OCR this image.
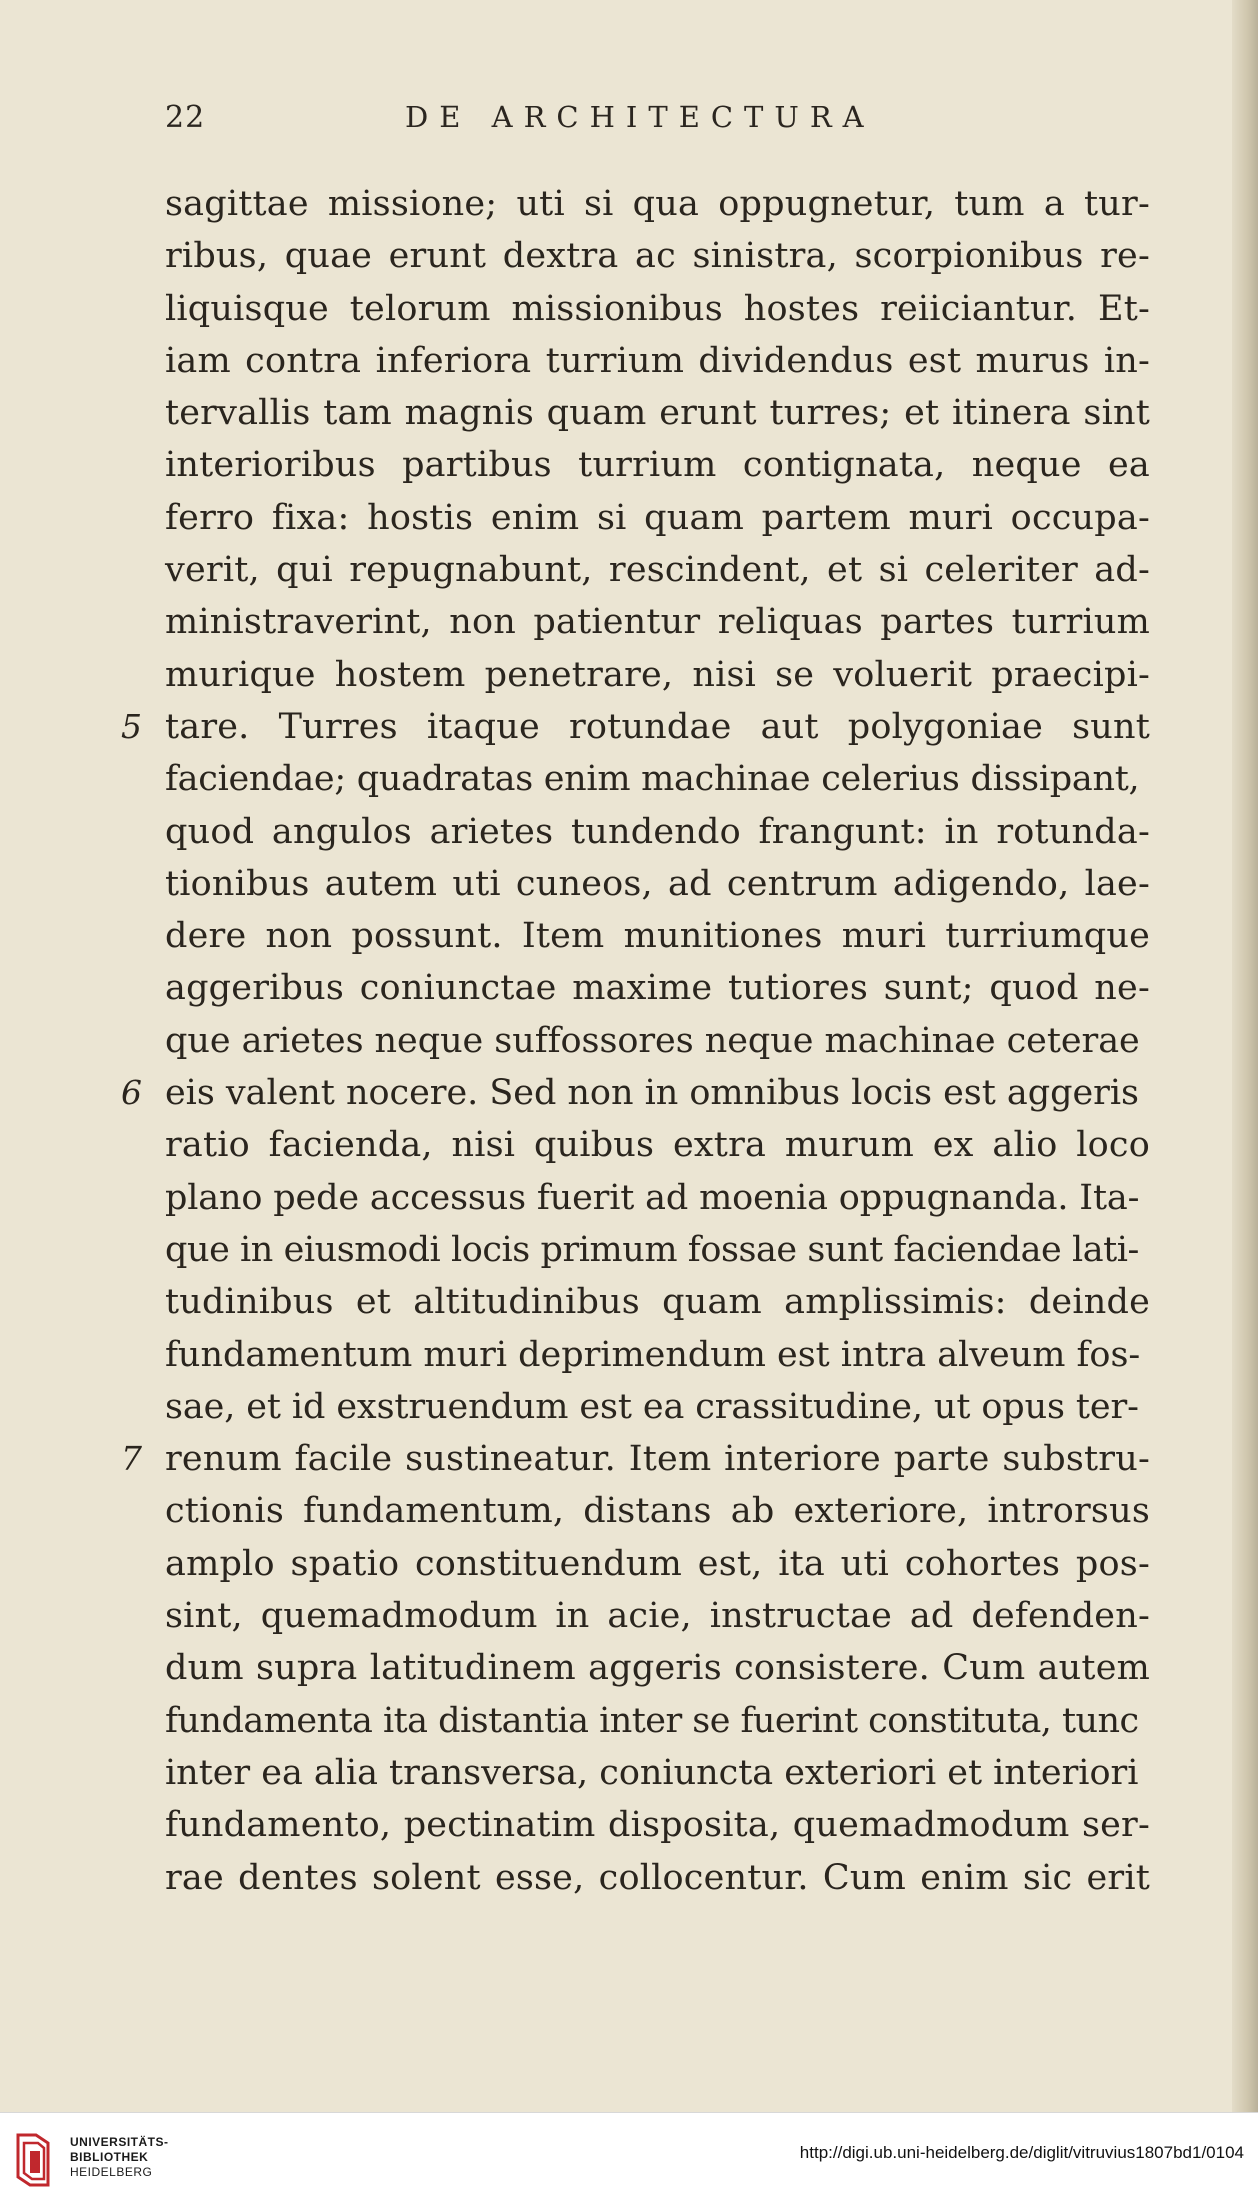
22	DE ARCHITECTURA
sagittae missione; uti si qua oppugnetur, tum a tur-
ribus, quae erunt dextra ac sinistra, scorpionibus re-
liquisque telorum missionibus hostes reiiciantur. Et-
iam contra inferiora turrium dividendus est murus in-
tervallis tam magnis quam erunt turres; et itinera sint
interioribus partibus turrium contignata, neque ea
ferro fixa: hostis enim si quam partem muri occupa-
verit, qui repugnabunt, rescindent, et si celeriter ad-
ministraverint, non patientur reliquas partes turrium
murique hostem penetrare, nisi se voluerit praecipi-
5 tare. Turres itaque rotundae aut polygoniae sunt
faciendae; quadratas enim machinae celerius dissipant,
quod angulos arietes tundendo frangunt: in rotunda-
tionibus autem uti cuneos, ad centrum adigendo, lae-
dere non possunt. Item munitiones muri turriumque
aggeribus coniunctae maxime tutiores sunt; quod ne-
que arietes neque suffossores neque machinae ceterae
6 eis valent nocere. Sed non in omnibus locis est aggeris
ratio facienda, nisi quibus extra murum ex alio loco
plano pede accessus fuerit ad moenia oppugnanda. Ita-
que in eiusmodi locis primum fossae sunt faciendae lati-
tudinibus et altitudinibus quam amplissimis: deinde
fundamentum muri deprimendum est intra alveum fos-
sae, et id exstruendum est ea crassitudine, ut opus ter-
7 renum facile sustineatur. Item interiore parte substru-
ctionis fundamentum, distans ab exteriore, introrsus
amplo spatio constituendum est, ita uti cohortes pos-
sint, quemadmodum in acie, instructae ad defenden-
dum supra latitudinem aggeris consistere. Cum autem
fundamenta ita distantia inter se fuerint constituta, tunc
inter ea alia transversa, coniuncta exteriori et interiori
fundamento, pectinatim disposita, quemadmodum ser-
rae dentes solent esse, collocentur. Cum enim sic erit
UNIVERSITÄTS-
BIBLIOTHEK
HEIDELBERG
http://digi.ub.uni-heidelberg.de/diglit/vitruvius1807bd1/0104
